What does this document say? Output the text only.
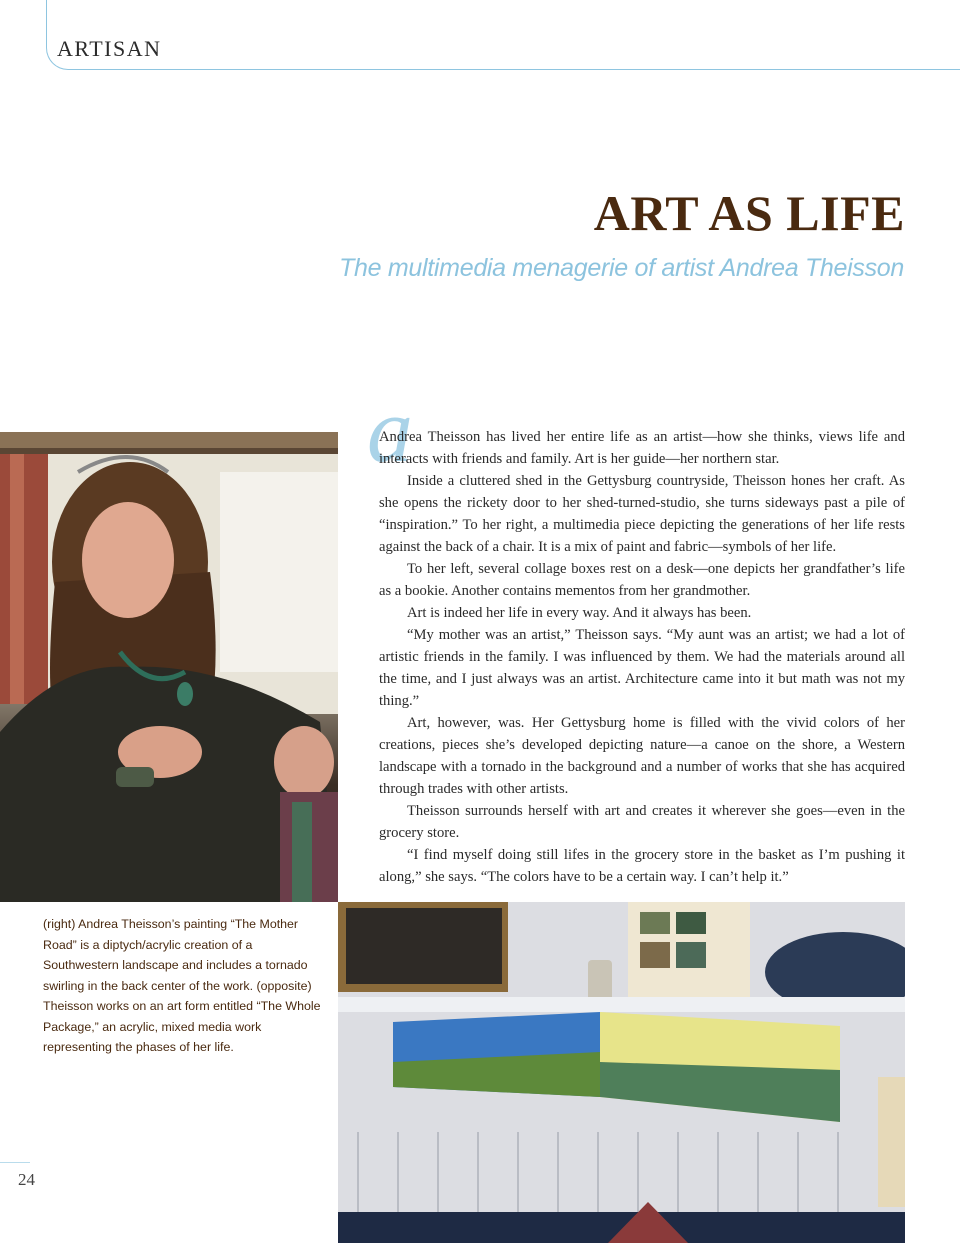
ARTISAN
ART AS LIFE
The multimedia menagerie of artist Andrea Theisson
a

Andrea Theisson has lived her entire life as an artist—how she thinks, views life and interacts with friends and family. Art is her guide—her northern star.

Inside a cluttered shed in the Gettysburg countryside, Theisson hones her craft. As she opens the rickety door to her shed-turned-studio, she turns sideways past a pile of “inspiration.” To her right, a multimedia piece depicting the generations of her life rests against the back of a chair. It is a mix of paint and fabric—symbols of her life.

To her left, several collage boxes rest on a desk—one depicts her grandfather’s life as a bookie. Another contains mementos from her grandmother.

Art is indeed her life in every way. And it always has been.

“My mother was an artist,” Theisson says. “My aunt was an artist; we had a lot of artistic friends in the family. I was influenced by them. We had the materials around all the time, and I just always was an artist. Architecture came into it but math was not my thing.”

Art, however, was. Her Gettysburg home is filled with the vivid colors of her creations, pieces she’s developed depicting nature—a canoe on the shore, a Western landscape with a tornado in the background and a number of works that she has acquired through trades with other artists.

Theisson surrounds herself with art and creates it wherever she goes—even in the grocery store.

“I find myself doing still lifes in the grocery store in the basket as I’m pushing it along,” she says. “The colors have to be a certain way. I can’t help it.”

(right) Andrea Theisson’s painting “The Mother Road” is a diptych/acrylic creation of a Southwestern landscape and includes a tornado swirling in the back center of the work. (opposite) Theisson works on an art form entitled “The Whole Package,” an acrylic, mixed media work representing the phases of her life.
24
